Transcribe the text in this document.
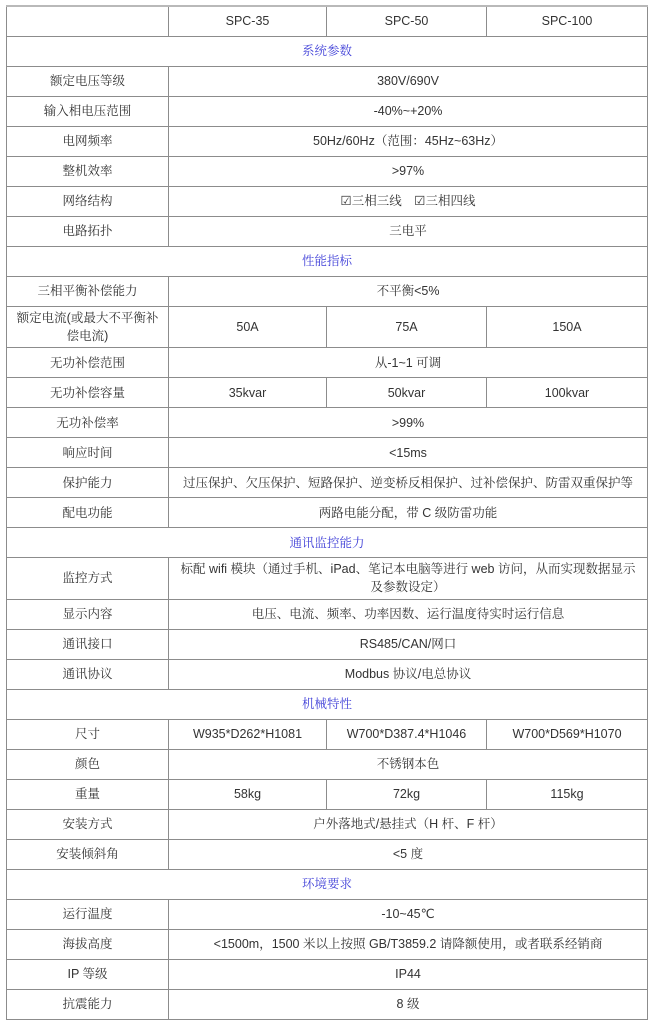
	SPC-35	SPC-50	SPC-100
系统参数			
额定电压等级	380V/690V		
输入相电压范围	-40%~+20%		
电网频率	50Hz/60Hz（范围：45Hz~63Hz）		
整机效率	>97%		
网络结构	☑三相三线　☑三相四线		
电路拓扑	三电平		
性能指标			
三相平衡补偿能力	不平衡<5%		
额定电流(或最大不平衡补偿电流)	50A	75A	150A
无功补偿范围	从-1~1 可调		
无功补偿容量	35kvar	50kvar	100kvar
无功补偿率	>99%		
响应时间	<15ms		
保护能力	过压保护、欠压保护、短路保护、逆变桥反相保护、过补偿保护、防雷双重保护等		
配电功能	两路电能分配，带 C 级防雷功能		
通讯监控能力			
监控方式	标配 wifi 模块（通过手机、iPad、笔记本电脑等进行 web 访问，从而实现数据显示及参数设定）		
显示内容	电压、电流、频率、功率因数、运行温度待实时运行信息		
通讯接口	RS485/CAN/网口		
通讯协议	Modbus 协议/电总协议		
机械特性			
尺寸	W935*D262*H1081	W700*D387.4*H1046	W700*D569*H1070
颜色	不锈钢本色		
重量	58kg	72kg	115kg
安装方式	户外落地式/悬挂式（H 杆、F 杆）		
安装倾斜角	<5 度		
环境要求			
运行温度	-10~45℃		
海拔高度	<1500m，1500 米以上按照 GB/T3859.2 请降额使用，或者联系经销商		
IP 等级	IP44		
抗震能力	8 级		
